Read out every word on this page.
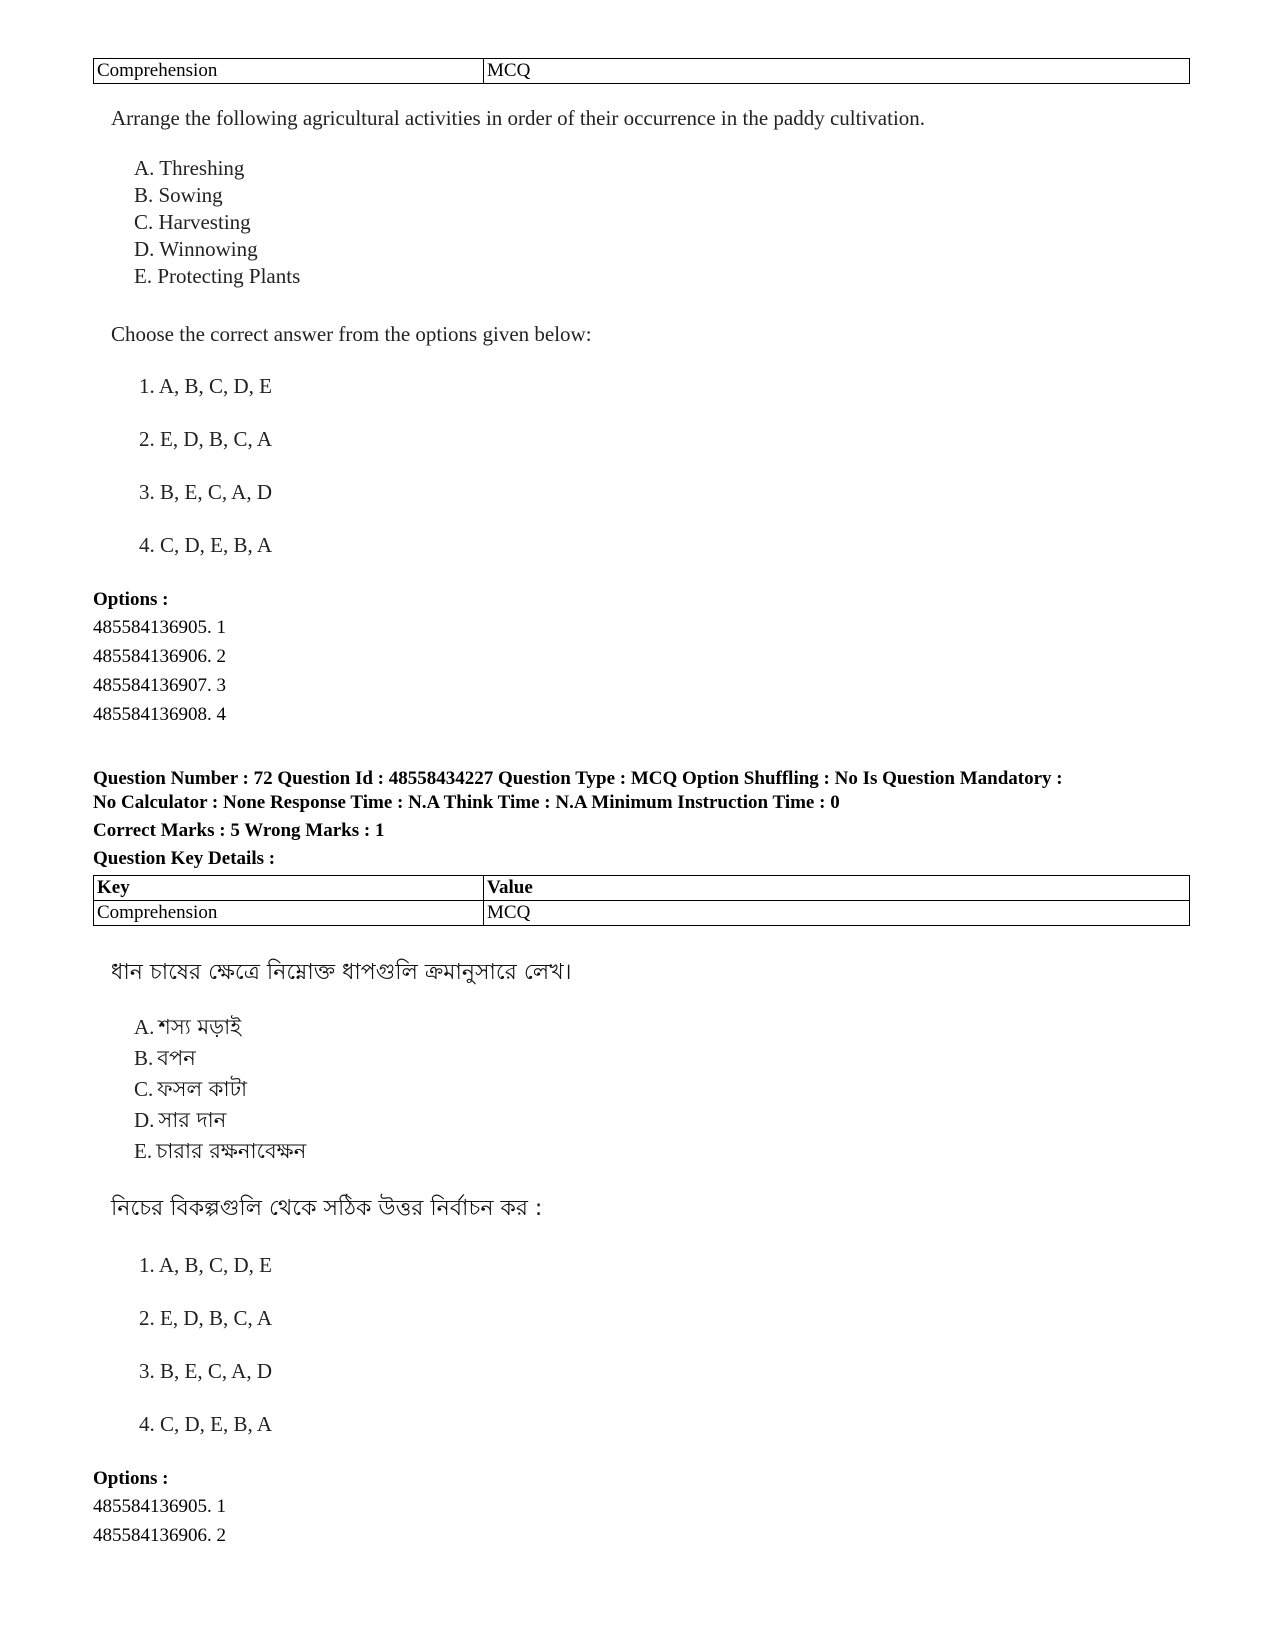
Comprehension	MCQ
Arrange the following agricultural activities in order of their occurrence in the paddy cultivation.
A. Threshing
B. Sowing
C. Harvesting
D. Winnowing
E. Protecting Plants
Choose the correct answer from the options given below:
1. A, B, C, D, E
2. E, D, B, C, A
3. B, E, C, A, D
4. C, D, E, B, A
Options :
485584136905. 1
485584136906. 2
485584136907. 3
485584136908. 4
Question Number : 72 Question Id : 48558434227 Question Type : MCQ Option Shuffling : No Is Question Mandatory :
No Calculator : None Response Time : N.A Think Time : N.A Minimum Instruction Time : 0
Correct Marks : 5 Wrong Marks : 1
Question Key Details :
Key	Value
Comprehension	MCQ
ধান চাষের ক্ষেত্রে নিম্নোক্ত ধাপগুলি ক্রমানুসারে লেখ।
A. শস্য মড়াই
B. বপন
C. ফসল কাটা
D. সার দান
E. চারার রক্ষনাবেক্ষন
নিচের বিকল্পগুলি থেকে সঠিক উত্তর নির্বাচন কর :
1. A, B, C, D, E
2. E, D, B, C, A
3. B, E, C, A, D
4. C, D, E, B, A
Options :
485584136905. 1
485584136906. 2
